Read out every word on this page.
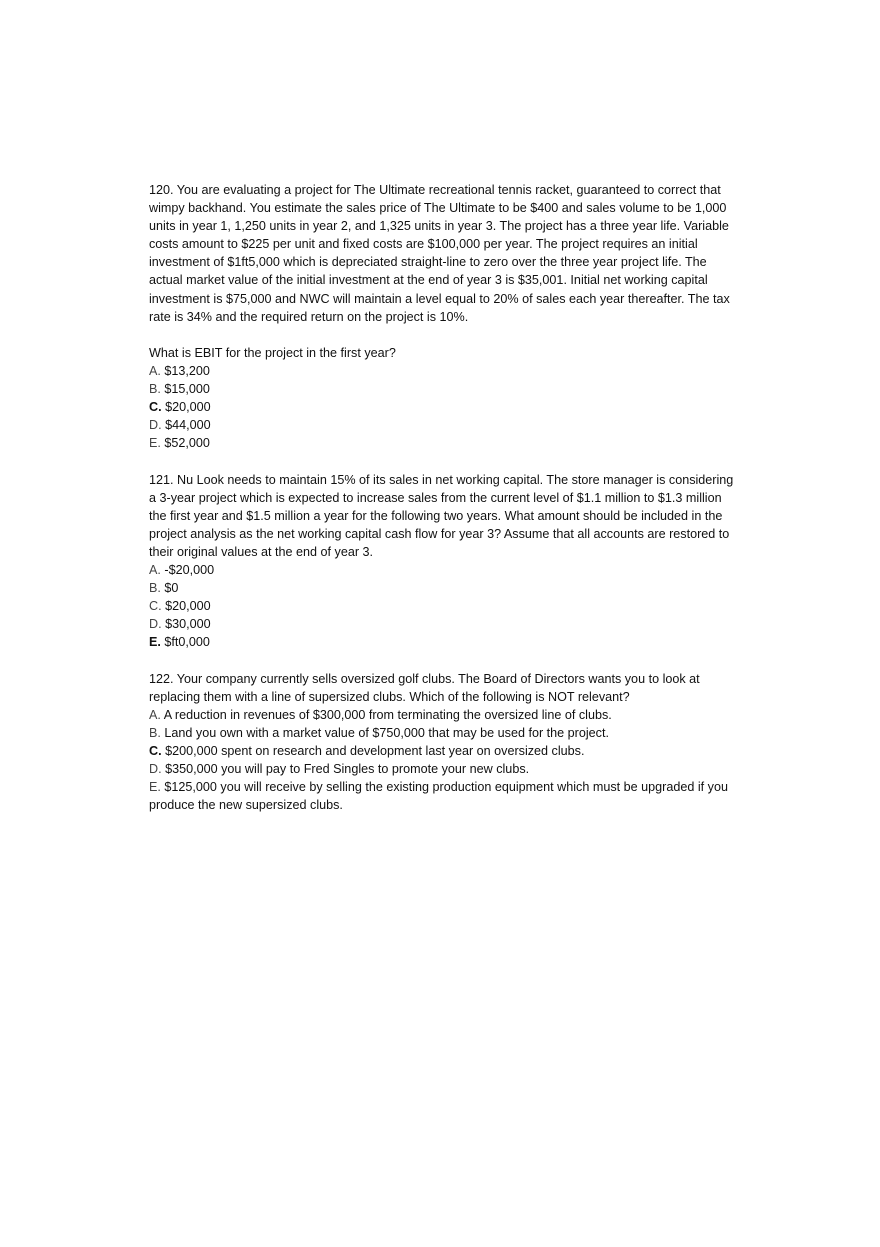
120. You are evaluating a project for The Ultimate recreational tennis racket, guaranteed to correct that wimpy backhand. You estimate the sales price of The Ultimate to be $400 and sales volume to be 1,000 units in year 1, 1,250 units in year 2, and 1,325 units in year 3. The project has a three year life. Variable costs amount to $225 per unit and fixed costs are $100,000 per year. The project requires an initial investment of $1ft5,000 which is depreciated straight-line to zero over the three year project life. The actual market value of the initial investment at the end of year 3 is $35,001. Initial net working capital investment is $75,000 and NWC will maintain a level equal to 20% of sales each year thereafter. The tax rate is 34% and the required return on the project is 10%.

What is EBIT for the project in the first year?

A. $13,200
B. $15,000
C. $20,000
D. $44,000
E. $52,000

121. Nu Look needs to maintain 15% of its sales in net working capital. The store manager is considering a 3-year project which is expected to increase sales from the current level of $1.1 million to $1.3 million the first year and $1.5 million a year for the following two years. What amount should be included in the project analysis as the net working capital cash flow for year 3? Assume that all accounts are restored to their original values at the end of year 3.

A. -$20,000
B. $0
C. $20,000
D. $30,000
E. $ft0,000

122. Your company currently sells oversized golf clubs. The Board of Directors wants you to look at replacing them with a line of supersized clubs. Which of the following is NOT relevant?

A. A reduction in revenues of $300,000 from terminating the oversized line of clubs.
B. Land you own with a market value of $750,000 that may be used for the project.
C. $200,000 spent on research and development last year on oversized clubs.
D. $350,000 you will pay to Fred Singles to promote your new clubs.
E. $125,000 you will receive by selling the existing production equipment which must be upgraded if you produce the new supersized clubs.
